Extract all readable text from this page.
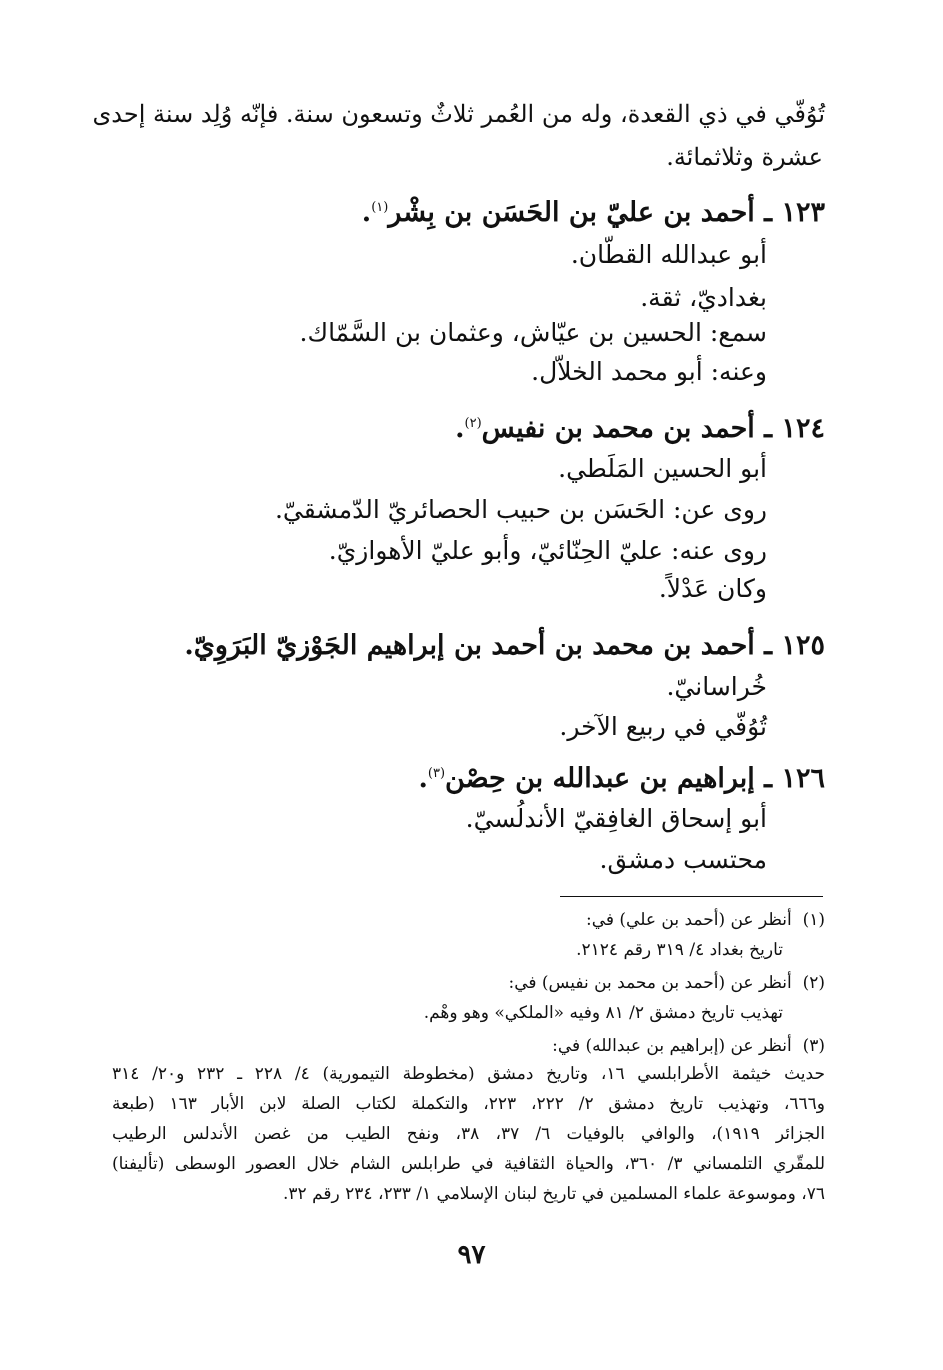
تُوُفّي في ذي القعدة، وله من العُمر ثلاثٌ وتسعون سنة. فإنّه وُلِد سنة إحدى
عشرة وثلاثمائة.
١٢٣ ـ أحمد بن عليّ بن الحَسَن بن بِشْر$^{(١)}$.
أبو عبدالله القطّان.
بغداديّ، ثقة.
سمع: الحسين بن عيّاش، وعثمان بن السَّمّاك.
وعنه: أبو محمد الخلاّل.
١٢٤ ـ أحمد بن محمد بن نفيس$^{(٢)}$.
أبو الحسين المَلَطي.
روى عن: الحَسَن بن حبيب الحصائريّ الدّمشقيّ.
روى عنه: عليّ الحِنّائيّ، وأبو عليّ الأهوازيّ.
وكان عَدْلاً.
١٢٥ ـ أحمد بن محمد بن أحمد بن إبراهيم الجَوْزيّ البَرَوِيّ.
خُراسانيّ.
تُوُفّي في ربيع الآخر.
١٢٦ ـ إبراهيم بن عبدالله بن حِصْن$^{(٣)}$.
أبو إسحاق الغافِقيّ الأندلُسيّ.
محتسب دمشق.
(١)  أنظر عن (أحمد بن علي) في:
تاريخ بغداد ٤/ ٣١٩ رقم ٢١٢٤.
(٢)  أنظر عن (أحمد بن محمد بن نفيس) في:
تهذيب تاريخ دمشق ٢/ ٨١ وفيه «الملكي» وهو وهْم.
(٣)  أنظر عن (إبراهيم بن عبدالله) في:
حديث خيثمة الأطرابلسي ١٦، وتاريخ دمشق (مخطوطة التيمورية) ٤/ ٢٢٨ ـ ٢٣٢ و٢٠/ ٣١٤
و٦٦٦، وتهذيب تاريخ دمشق ٢/ ٢٢٢، ٢٢٣، والتكملة لكتاب الصلة لابن الأبار ١٦٣ (طبعة
الجزائر ١٩١٩)، والوافي بالوفيات ٦/ ٣٧، ٣٨، ونفح الطيب من غصن الأندلس الرطيب
للمقّري التلمساني ٣/ ٣٦٠، والحياة الثقافية في طرابلس الشام خلال العصور الوسطى (تأليفنا)
٧٦، وموسوعة علماء المسلمين في تاريخ لبنان الإسلامي ١/ ٢٣٣، ٢٣٤ رقم ٣٢.
٩٧
